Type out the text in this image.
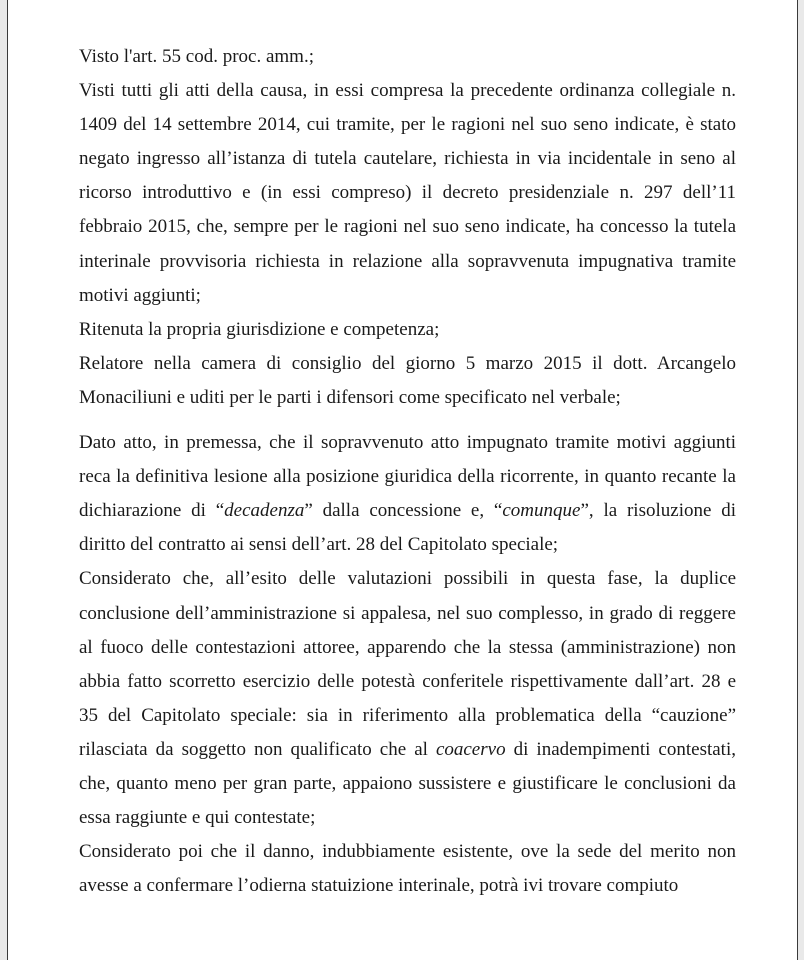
Visto l'art. 55 cod. proc. amm.;

Visti tutti gli atti della causa, in essi compresa la precedente ordinanza collegiale n. 1409 del 14 settembre 2014, cui tramite, per le ragioni nel suo seno indicate, è stato negato ingresso all’istanza di tutela cautelare, richiesta in via incidentale in seno al ricorso introduttivo e (in essi compreso) il decreto presidenziale n. 297 dell’11 febbraio 2015, che, sempre per le ragioni nel suo seno indicate, ha concesso la tutela interinale provvisoria richiesta in relazione alla sopravvenuta impugnativa tramite motivi aggiunti;

Ritenuta la propria giurisdizione e competenza;

Relatore nella camera di consiglio del giorno 5 marzo 2015 il dott. Arcangelo Monaciliuni e uditi per le parti i difensori come specificato nel verbale;

Dato atto, in premessa, che il sopravvenuto atto impugnato tramite motivi aggiunti reca la definitiva lesione alla posizione giuridica della ricorrente, in quanto recante la dichiarazione di “decadenza” dalla concessione e, “comunque”, la risoluzione di diritto del contratto ai sensi dell’art. 28 del Capitolato speciale;

Considerato che, all’esito delle valutazioni possibili in questa fase, la duplice conclusione dell’amministrazione si appalesa, nel suo complesso, in grado di reggere al fuoco delle contestazioni attoree, apparendo che la stessa (amministrazione) non abbia fatto scorretto esercizio delle potestà conferitele rispettivamente dall’art. 28 e 35 del Capitolato speciale: sia in riferimento alla problematica della “cauzione” rilasciata da soggetto non qualificato che al coacervo di inadempimenti contestati, che, quanto meno per gran parte, appaiono sussistere e giustificare le conclusioni da essa raggiunte e qui contestate;

Considerato poi che il danno, indubbiamente esistente, ove la sede del merito non avesse a confermare l’odierna statuizione interinale, potrà ivi trovare compiuto
